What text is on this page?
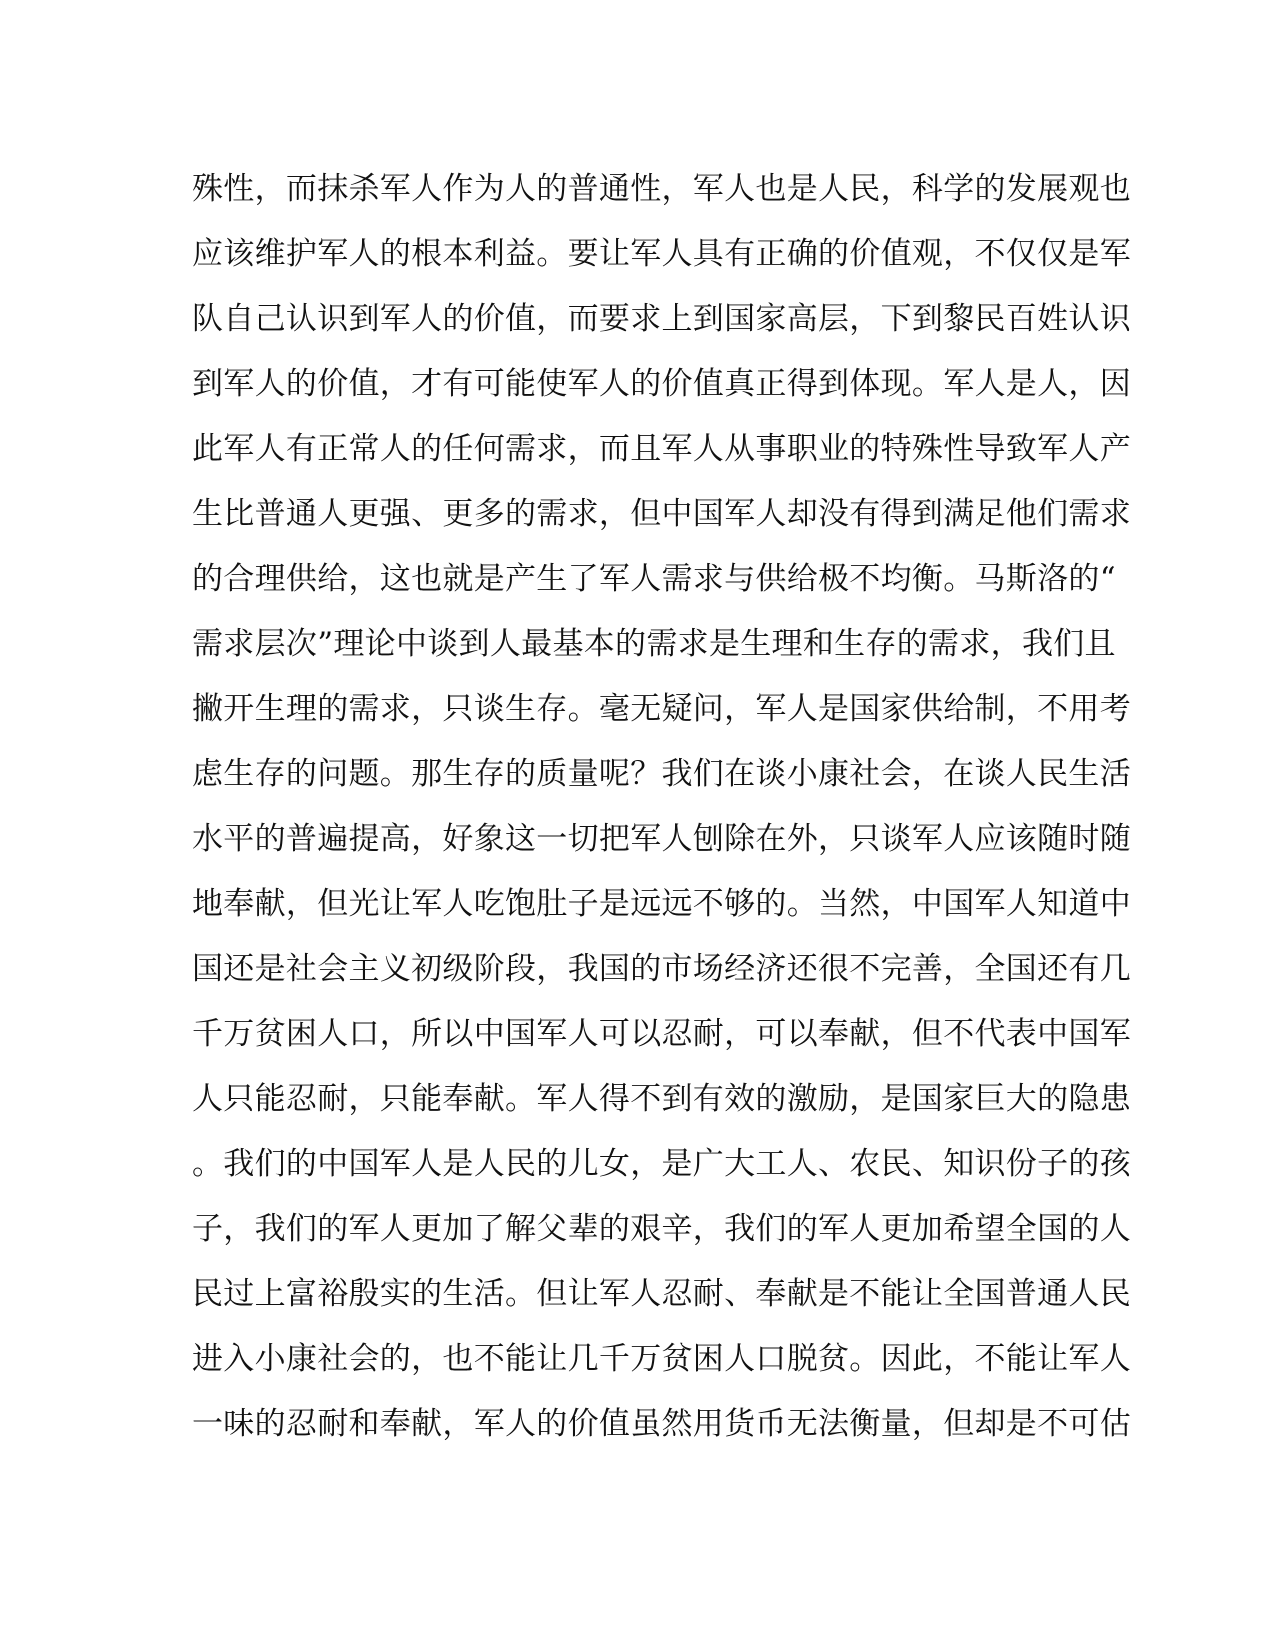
殊性，而抹杀军人作为人的普通性，军人也是人民，科学的发展观也
应该维护军人的根本利益。要让军人具有正确的价值观，不仅仅是军
队自己认识到军人的价值，而要求上到国家高层，下到黎民百姓认识
到军人的价值，才有可能使军人的价值真正得到体现。军人是人，因
此军人有正常人的任何需求，而且军人从事职业的特殊性导致军人产
生比普通人更强、更多的需求，但中国军人却没有得到满足他们需求
的合理供给，这也就是产生了军人需求与供给极不均衡。马斯洛的“
需求层次”理论中谈到人最基本的需求是生理和生存的需求，我们且
撇开生理的需求，只谈生存。毫无疑问，军人是国家供给制，不用考
虑生存的问题。那生存的质量呢？我们在谈小康社会，在谈人民生活
水平的普遍提高，好象这一切把军人刨除在外，只谈军人应该随时随
地奉献，但光让军人吃饱肚子是远远不够的。当然，中国军人知道中
国还是社会主义初级阶段，我国的市场经济还很不完善，全国还有几
千万贫困人口，所以中国军人可以忍耐，可以奉献，但不代表中国军
人只能忍耐，只能奉献。军人得不到有效的激励，是国家巨大的隐患
。我们的中国军人是人民的儿女，是广大工人、农民、知识份子的孩
子，我们的军人更加了解父辈的艰辛，我们的军人更加希望全国的人
民过上富裕殷实的生活。但让军人忍耐、奉献是不能让全国普通人民
进入小康社会的，也不能让几千万贫困人口脱贫。因此，不能让军人
一味的忍耐和奉献，军人的价值虽然用货币无法衡量，但却是不可估
